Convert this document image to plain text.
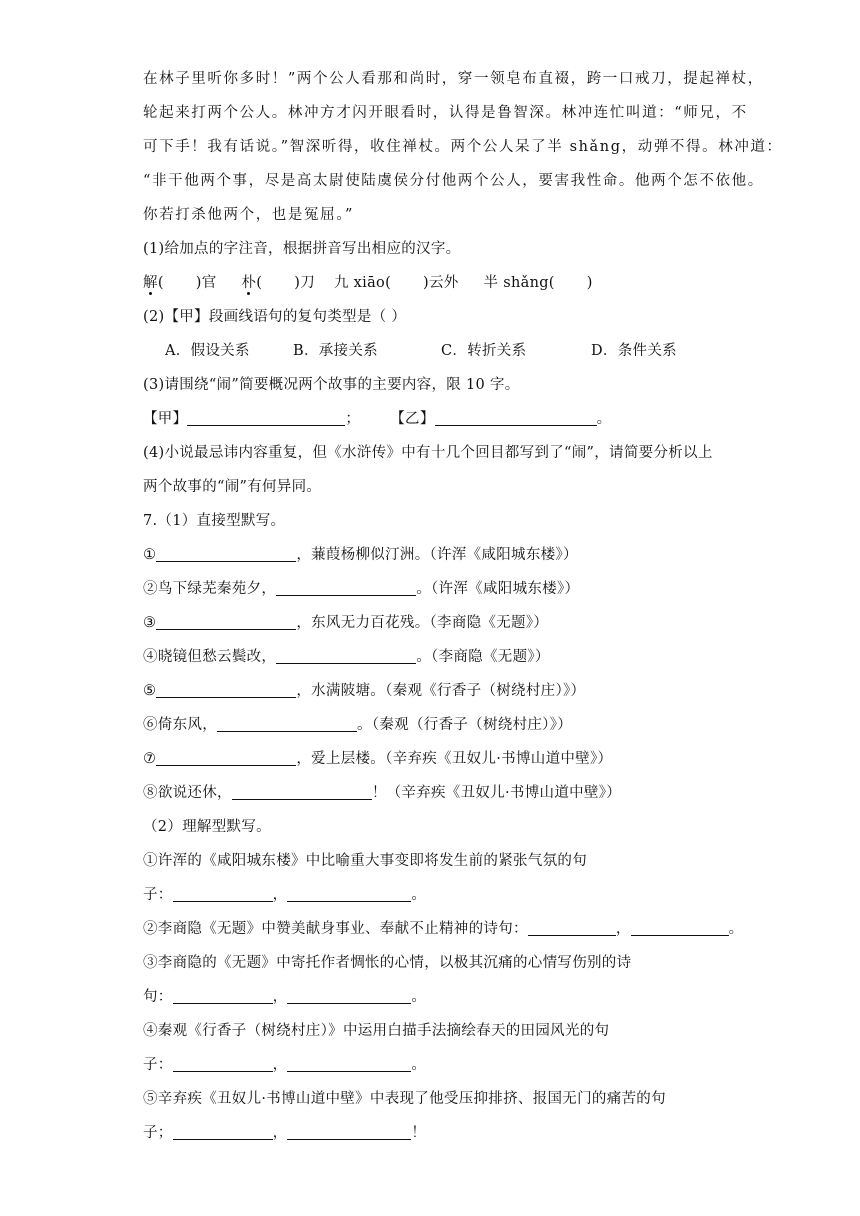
在林子里听你多时！”两个公人看那和尚时，穿一领皂布直裰，跨一口戒刀，提起禅杖，
轮起来打两个公人。林冲方才闪开眼看时，认得是鲁智深。林冲连忙叫道：“师兄，不
可下手！我有话说。”智深听得，收住禅杖。两个公人呆了半 shǎng，动弹不得。林冲道：
“非干他两个事，尽是高太尉使陆虞侯分付他两个公人，要害我性命。他两个怎不依他。
你若打杀他两个，也是冤屈。”
(1)给加点的字注音，根据拼音写出相应的汉字。
解( )官 朴( )刀 九 xiāo( )云外 半 shǎng( )
(2)【甲】段画线语句的复句类型是（ ）
A．假设关系	B．承接关系	C．转折关系	D．条件关系
(3)请围绕“闹”简要概况两个故事的主要内容，限 10 字。
【甲】	； 【乙】	。
(4)小说最忌讳内容重复，但《水浒传》中有十几个回目都写到了“闹”，请简要分析以上
两个故事的“闹”有何异同。
7.（1）直接型默写。
①	，蒹葭杨柳似汀洲。（许浑《咸阳城东楼》）
②鸟下绿芜秦苑夕，	。（许浑《咸阳城东楼》）
③	，东风无力百花残。（李商隐《无题》）
④晓镜但愁云鬓改，	。（李商隐《无题》）
⑤	，水满陂塘。（秦观《行香子（树绕村庄）》）
⑥倚东风，	。（秦观（行香子（树绕村庄）》）
⑦	，爱上层楼。（辛弃疾《丑奴儿·书博山道中壁》）
⑧欲说还休，	！（辛弃疾《丑奴儿·书博山道中壁》）
（2）理解型默写。
①许浑的《咸阳城东楼》中比喻重大事变即将发生前的紧张气氛的句
子：	，	。
②李商隐《无题》中赞美献身事业、奉献不止精神的诗句：	，	。
③李商隐的《无题》中寄托作者惆怅的心情，以极其沉痛的心情写伤别的诗
句：	，	。
④秦观《行香子（树绕村庄）》中运用白描手法摘绘春天的田园风光的句
子：	，	。
⑤辛弃疾《丑奴儿·书博山道中壁》中表现了他受压抑排挤、报国无门的痛苦的句
子；	，	！
